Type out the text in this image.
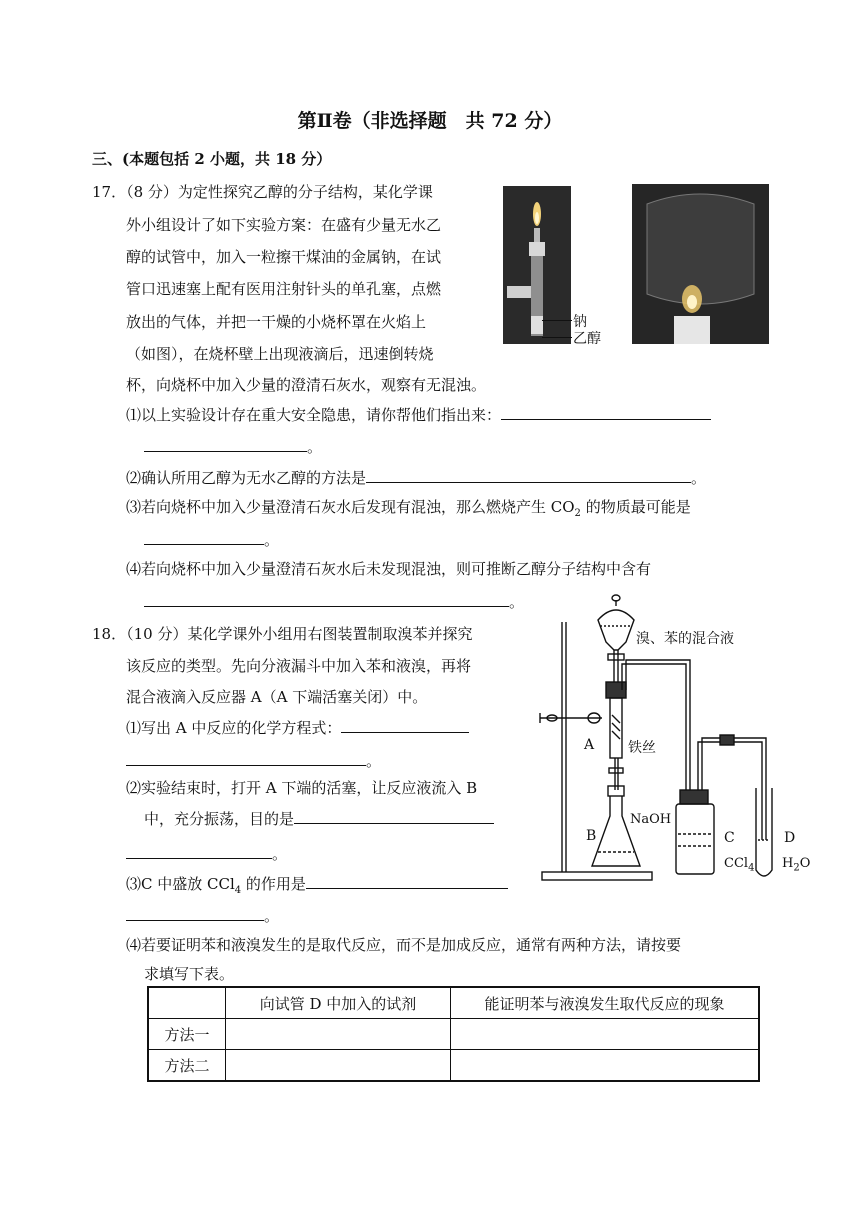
第Ⅱ卷（非选择题　共 72 分）
三、(本题包括 2 小题，共 18 分）
17．（8 分）为定性探究乙醇的分子结构，某化学课
外小组设计了如下实验方案：在盛有少量无水乙
醇的试管中，加入一粒擦干煤油的金属钠，在试
管口迅速塞上配有医用注射针头的单孔塞，点燃
放出的气体，并把一干燥的小烧杯罩在火焰上
（如图），在烧杯壁上出现液滴后，迅速倒转烧
杯，向烧杯中加入少量的澄清石灰水，观察有无混浊。
钠
乙醇
⑴以上实验设计存在重大安全隐患，请你帮他们指出来：
。
⑵确认所用乙醇为无水乙醇的方法是	。
⑶若向烧杯中加入少量澄清石灰水后发现有混浊，那么燃烧产生 $CO_2$ 的物质最可能是
。
⑷若向烧杯中加入少量澄清石灰水后未发现混浊，则可推断乙醇分子结构中含有
。
18．（10 分）某化学课外小组用右图装置制取溴苯并探究
该反应的类型。先向分液漏斗中加入苯和液溴，再将
混合液滴入反应器 A（A 下端活塞关闭）中。
⑴写出 A 中反应的化学方程式：
。
⑵实验结束时，打开 A 下端的活塞，让反应液流入 B
中，充分振荡，目的是
。
⑶C 中盛放 CCl$_4$ 的作用是
。
⑷若要证明苯和液溴发生的是取代反应，而不是加成反应，通常有两种方法，请按要
求填写下表。
溴、苯的混合液
A 铁丝
NaOH
B	C
CCl$_4$
D
$H_2O$
	向试管 D 中加入的试剂	能证明苯与液溴发生取代反应的现象
方法一		
方法二		
